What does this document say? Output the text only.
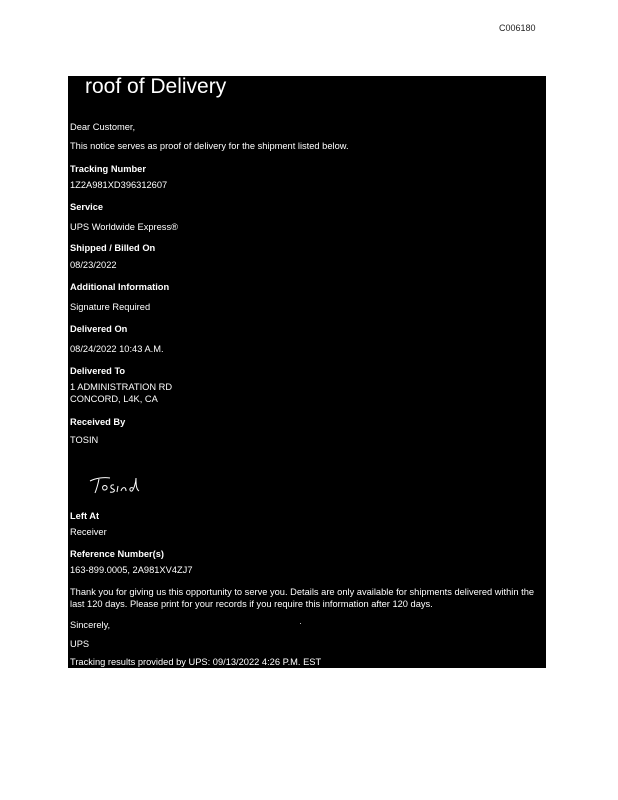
C006180
roof of Delivery
Dear Customer,
This notice serves as proof of delivery for the shipment listed below.
Tracking Number
1Z2A981XD396312607
Service
UPS Worldwide Express®
Shipped / Billed On
08/23/2022
Additional Information
Signature Required
Delivered On
08/24/2022 10:43 A.M.
Delivered To
1 ADMINISTRATION RD
CONCORD, L4K, CA
Received By
TOSIN
Left At
Receiver
Reference Number(s)
163-899.0005, 2A981XV4ZJ7
Thank you for giving us this opportunity to serve you. Details are only available for shipments delivered within the last 120 days. Please print for your records if you require this information after 120 days.
Sincerely,
UPS
Tracking results provided by UPS: 09/13/2022 4:26 P.M. EST
